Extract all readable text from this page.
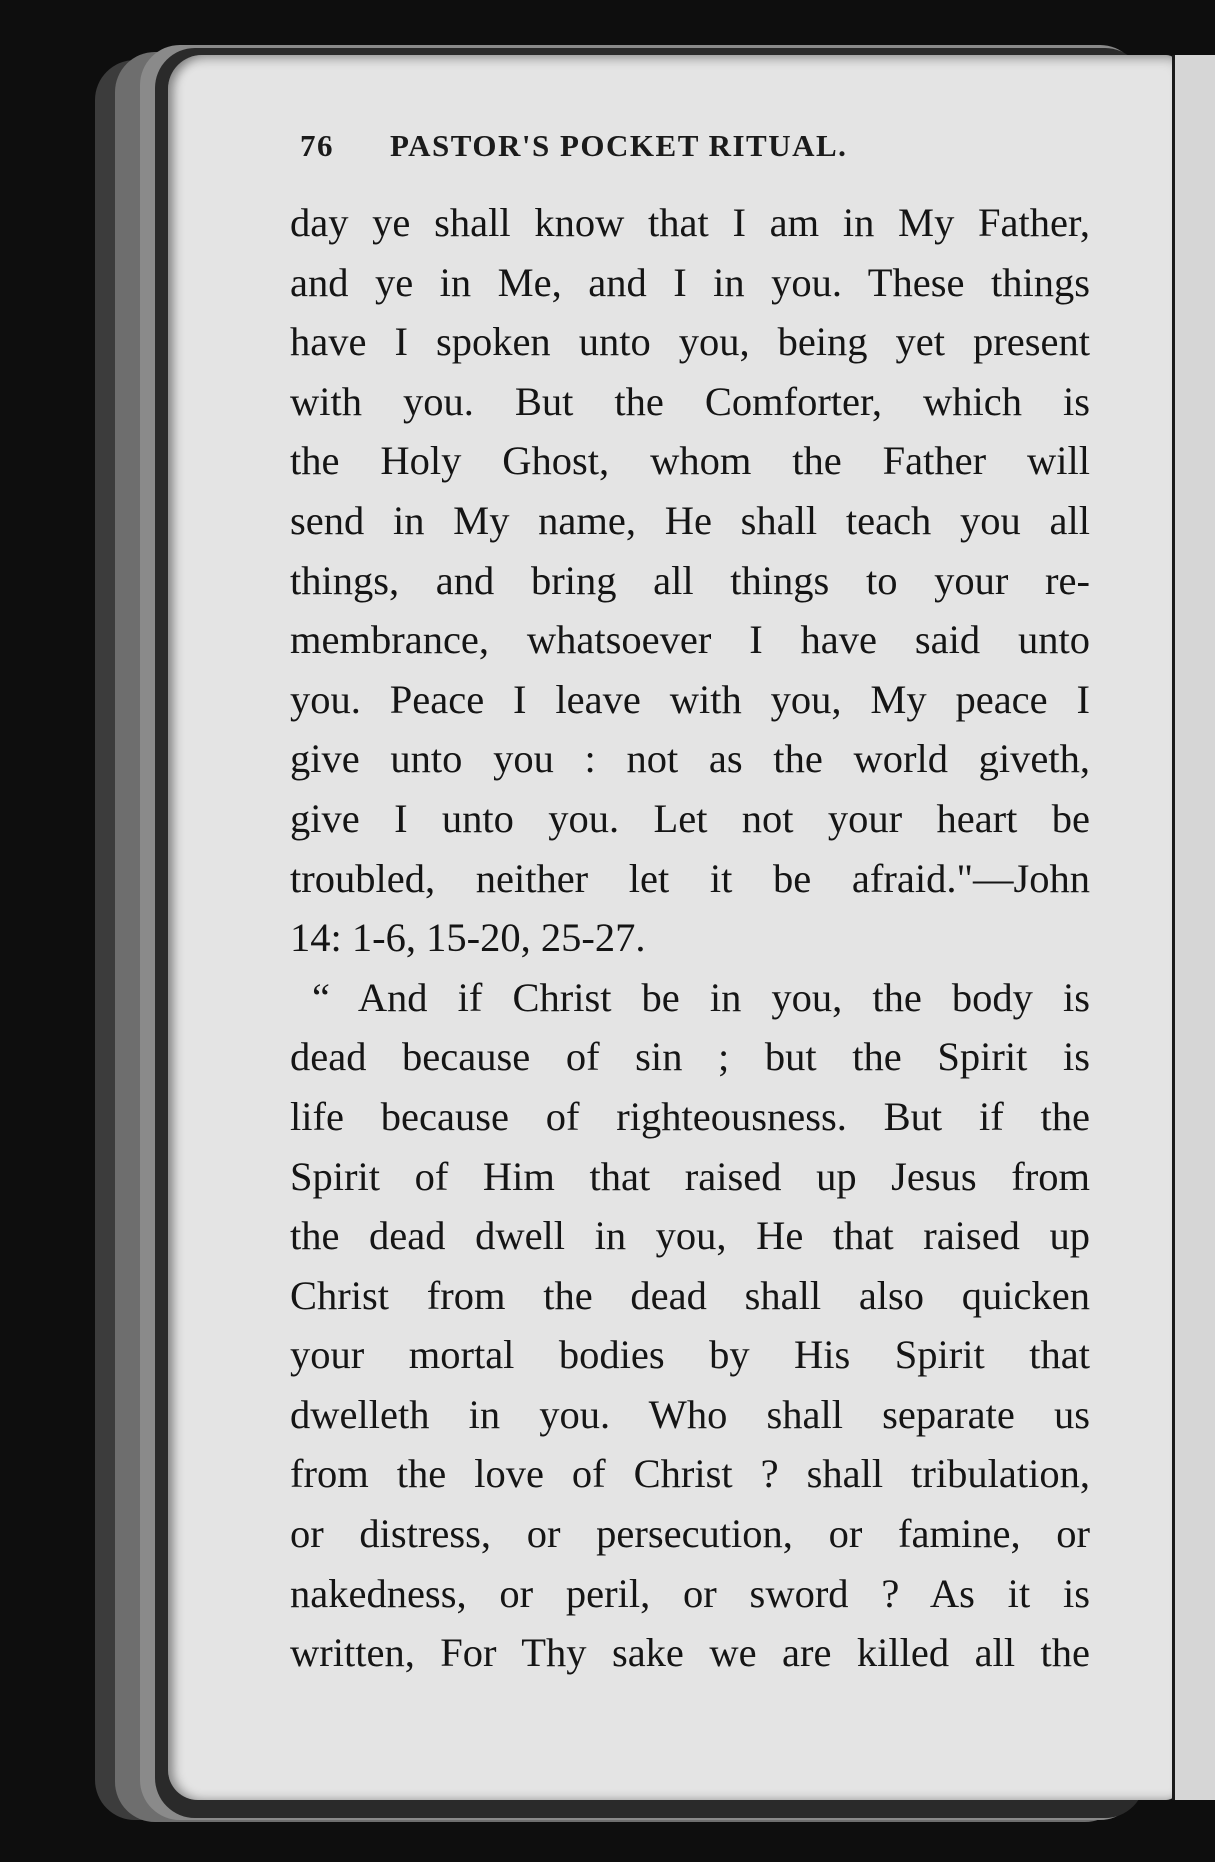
76 PASTOR'S POCKET RITUAL.
day ye shall know that I am in My Father,
and ye in Me, and I in you. These things
have I spoken unto you, being yet present
with you. But the Comforter, which is
the Holy Ghost, whom the Father will
send in My name, He shall teach you all
things, and bring all things to your re-
membrance, whatsoever I have said unto
you. Peace I leave with you, My peace I
give unto you : not as the world giveth,
give I unto you. Let not your heart be
troubled, neither let it be afraid."—John
14: 1-6, 15-20, 25-27.
“ And if Christ be in you, the body is
dead because of sin ; but the Spirit is
life because of righteousness. But if the
Spirit of Him that raised up Jesus from
the dead dwell in you, He that raised up
Christ from the dead shall also quicken
your mortal bodies by His Spirit that
dwelleth in you. Who shall separate us
from the love of Christ ? shall tribulation,
or distress, or persecution, or famine, or
nakedness, or peril, or sword ? As it is
written, For Thy sake we are killed all the
